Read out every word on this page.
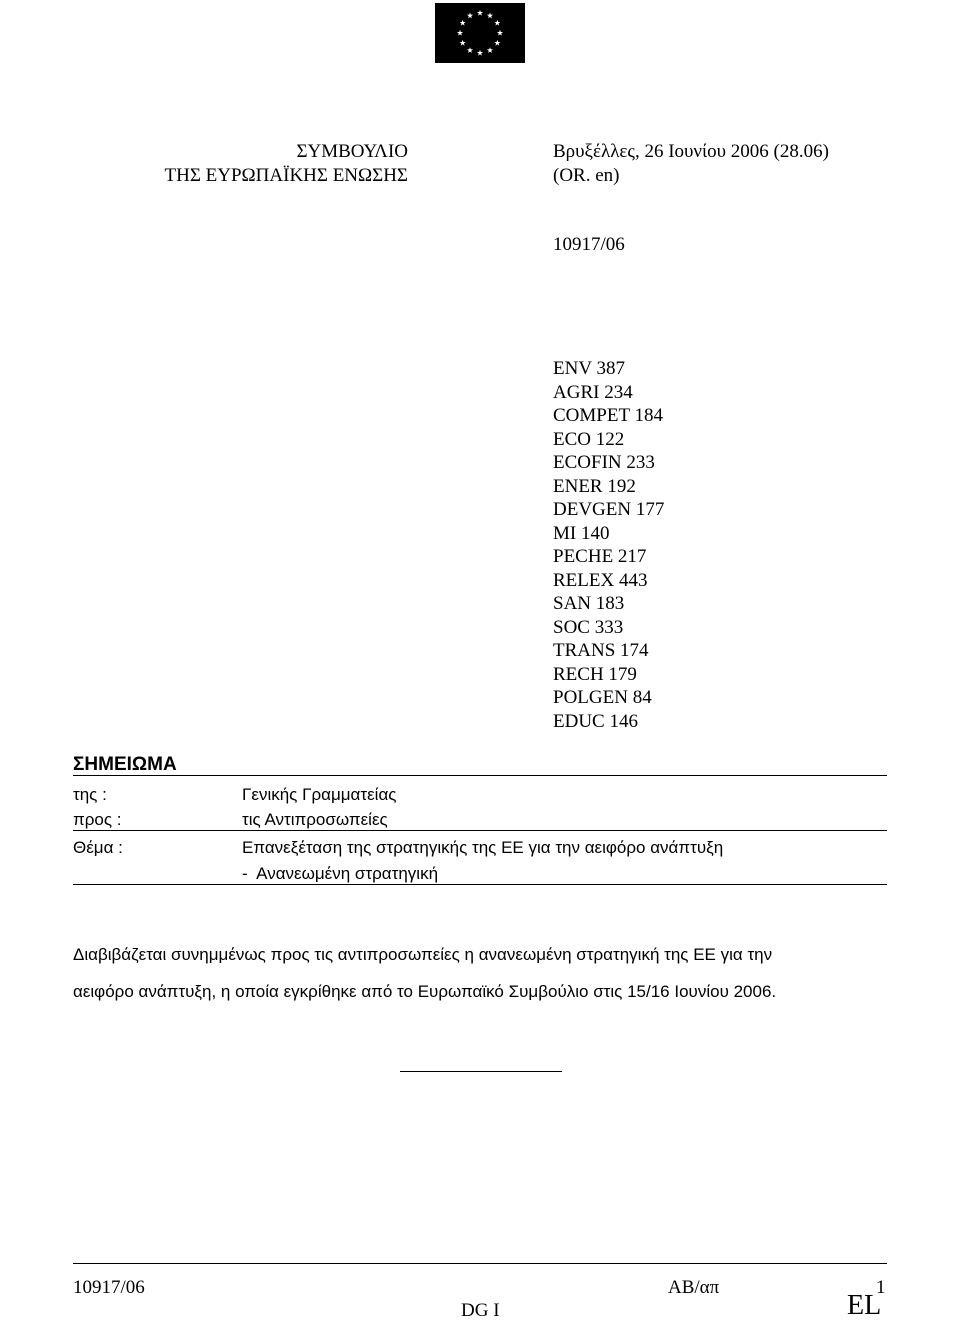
ΣΥΜΒΟΥΛΙΟ
ΤΗΣ ΕΥΡΩΠΑΪΚΗΣ ΕΝΩΣΗΣ
Βρυξέλλες, 26 Ιουνίου 2006 (28.06)
(OR. en)
10917/06
ENV 387
AGRI 234
COMPET 184
ECO 122
ECOFIN 233
ENER 192
DEVGEN 177
MI 140
PECHE 217
RELEX 443
SAN 183
SOC 333
TRANS 174
RECH 179
POLGEN 84
EDUC 146
ΣΗΜΕΙΩΜΑ
της :	Γενικής Γραμματείας
προς :	τις Αντιπροσωπείες
Θέμα :	Επανεξέταση της στρατηγικής της ΕΕ για την αειφόρο ανάπτυξη
-  Ανανεωμένη στρατηγική
Διαβιβάζεται συνημμένως προς τις αντιπροσωπείες η ανανεωμένη στρατηγική της ΕΕ για την
αειφόρο ανάπτυξη, η οποία εγκρίθηκε από το Ευρωπαϊκό Συμβούλιο στις 15/16 Ιουνίου 2006.
10917/06	ΑΒ/απ	1
DG I	EL
